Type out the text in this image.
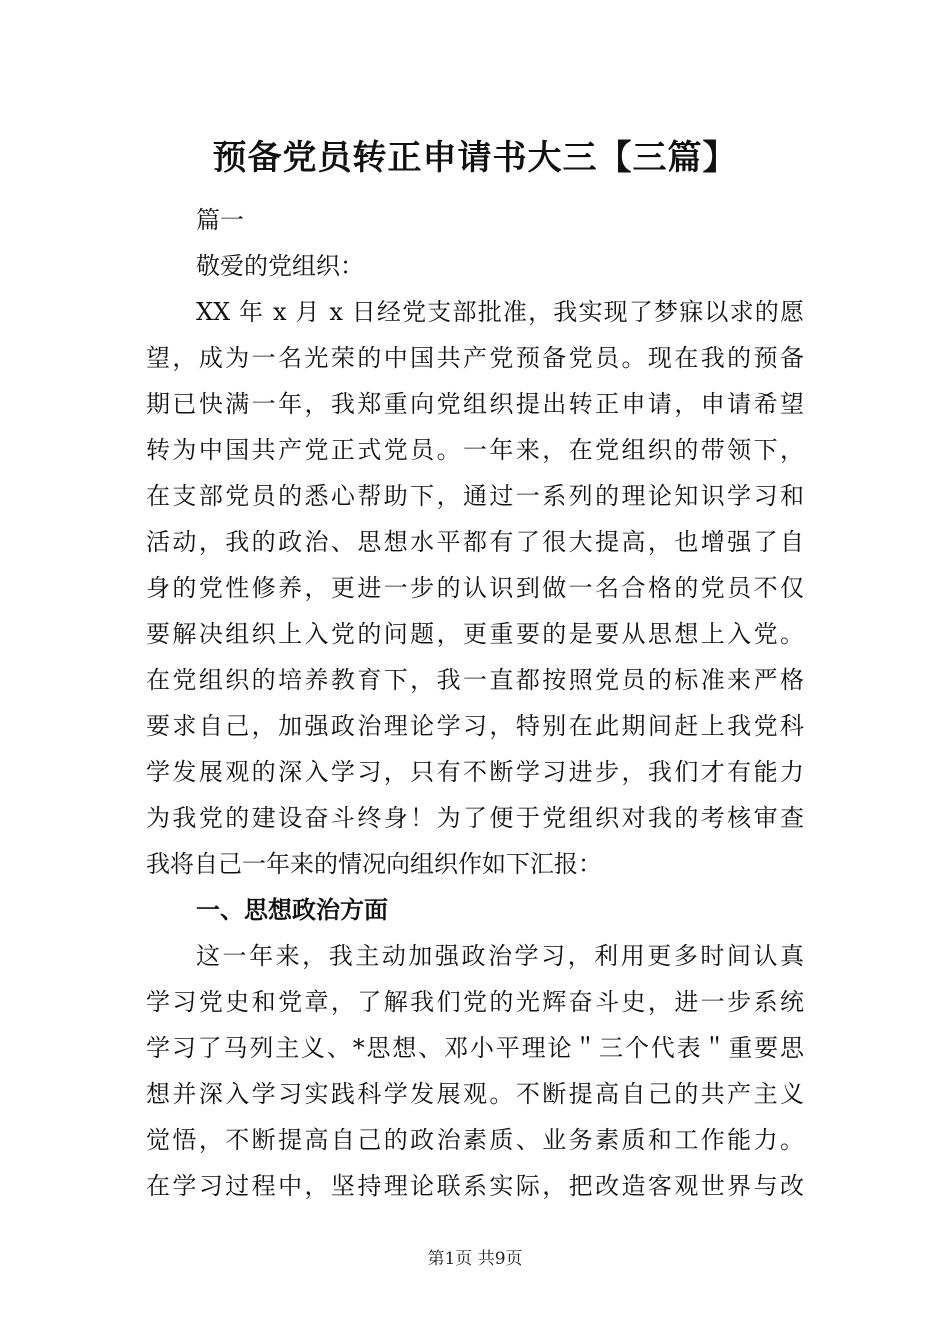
预备党员转正申请书大三【三篇】
篇一
敬爱的党组织：
XX 年 x 月 x 日经党支部批准，我实现了梦寐以求的愿
望，成为一名光荣的中国共产党预备党员。现在我的预备
期已快满一年，我郑重向党组织提出转正申请，申请希望
转为中国共产党正式党员。一年来，在党组织的带领下，
在支部党员的悉心帮助下，通过一系列的理论知识学习和
活动，我的政治、思想水平都有了很大提高，也增强了自
身的党性修养，更进一步的认识到做一名合格的党员不仅
要解决组织上入党的问题，更重要的是要从思想上入党。
在党组织的培养教育下，我一直都按照党员的标准来严格
要求自己，加强政治理论学习，特别在此期间赶上我党科
学发展观的深入学习，只有不断学习进步，我们才有能力
为我党的建设奋斗终身！为了便于党组织对我的考核审查
我将自己一年来的情况向组织作如下汇报：
一、思想政治方面
这一年来，我主动加强政治学习，利用更多时间认真
学习党史和党章，了解我们党的光辉奋斗史，进一步系统
学习了马列主义、*思想、邓小平理论＂三个代表＂重要思
想并深入学习实践科学发展观。不断提高自己的共产主义
觉悟，不断提高自己的政治素质、业务素质和工作能力。
在学习过程中，坚持理论联系实际，把改造客观世界与改
第1页 共9页
